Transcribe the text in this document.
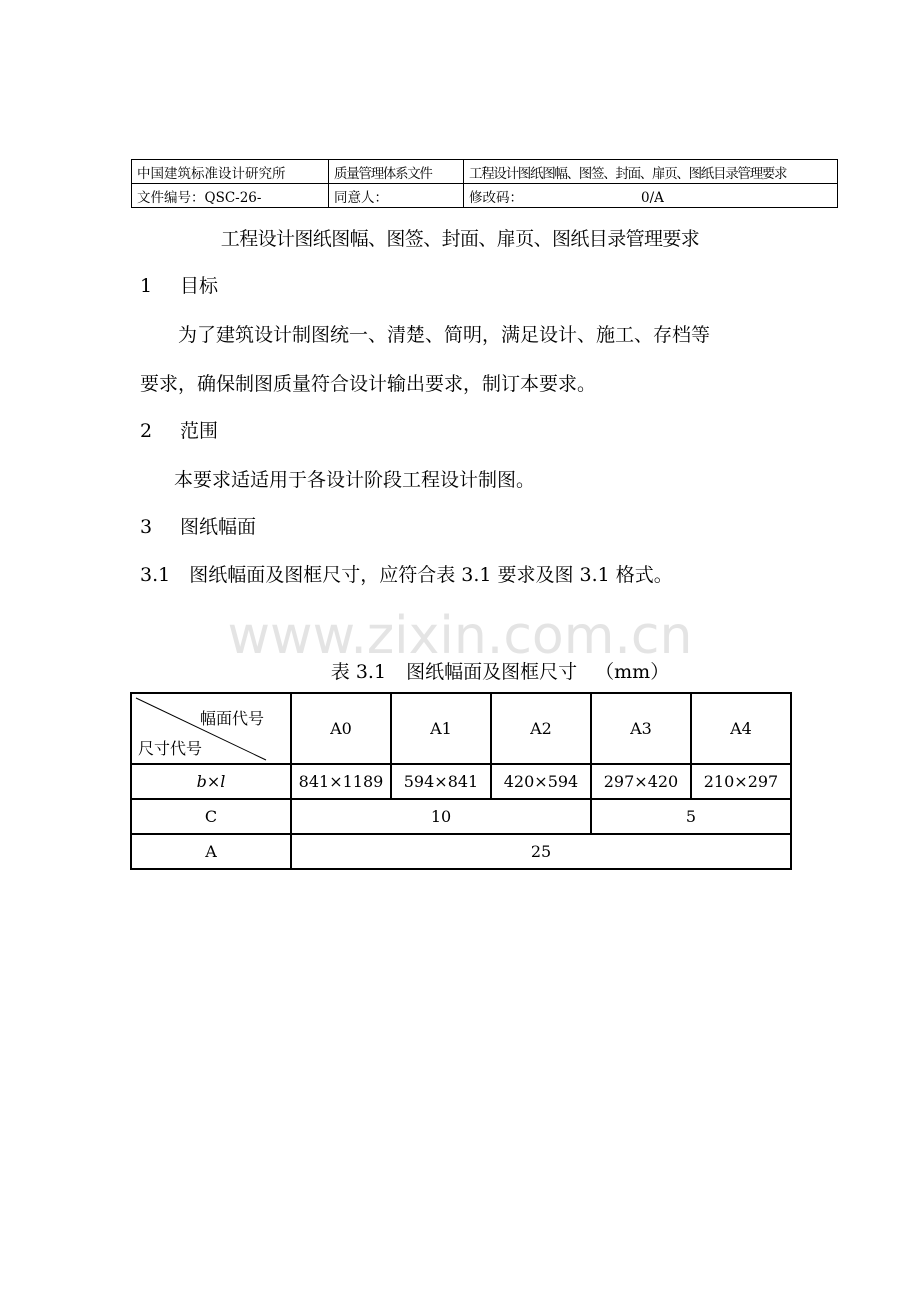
中国建筑标准设计研究所	质量管理体系文件	工程设计图纸图幅、图签、封面、扉页、图纸目录管理要求
文件编号：QSC-26-	同意人：	修改码： 0/A
工程设计图纸图幅、图签、封面、扉页、图纸目录管理要求
1 目标
为了建筑设计制图统一、清楚、简明，满足设计、施工、存档等
要求，确保制图质量符合设计输出要求，制订本要求。
2 范围
本要求适适用于各设计阶段工程设计制图。
3 图纸幅面
3.1　图纸幅面及图框尺寸，应符合表 3.1 要求及图 3.1 格式。
www.zixin.com.cn
表 3.1 图纸幅面及图框尺寸 （mm）
幅面代号
尺寸代号	A0	A1	A2	A3	A4
b×l	841×1189	594×841	420×594	297×420	210×297
C	10			5	
A	25				
